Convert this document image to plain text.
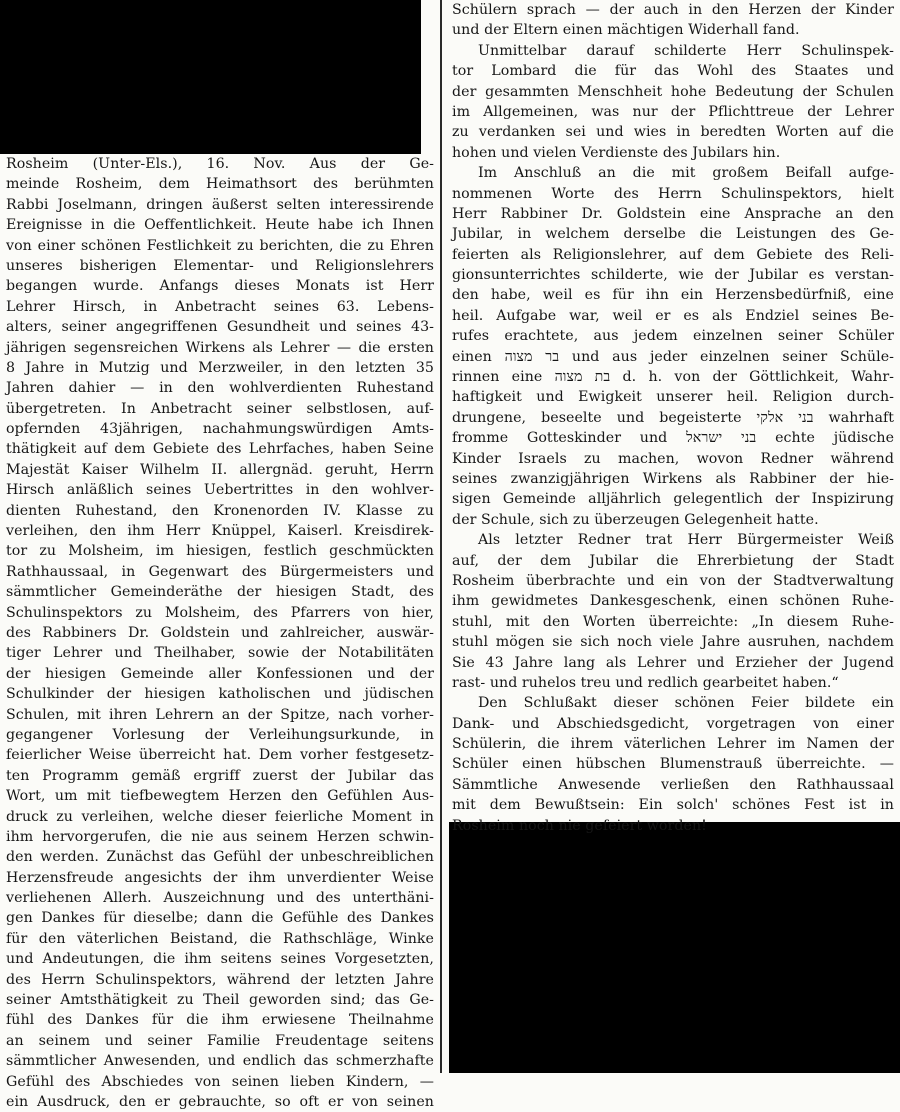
Rosheim (Unter-Els.), 16. Nov. Aus der Ge-
meinde Rosheim, dem Heimathsort des berühmten
Rabbi Joselmann, dringen äußerst selten interessirende
Ereignisse in die Oeffentlichkeit. Heute habe ich Ihnen
von einer schönen Festlichkeit zu berichten, die zu Ehren
unseres bisherigen Elementar- und Religionslehrers
begangen wurde. Anfangs dieses Monats ist Herr
Lehrer Hirsch, in Anbetracht seines 63. Lebens-
alters, seiner angegriffenen Gesundheit und seines 43-
jährigen segensreichen Wirkens als Lehrer — die ersten
8 Jahre in Mutzig und Merzweiler, in den letzten 35
Jahren dahier — in den wohlverdienten Ruhestand
übergetreten. In Anbetracht seiner selbstlosen, auf-
opfernden 43jährigen, nachahmungswürdigen Amts-
thätigkeit auf dem Gebiete des Lehrfaches, haben Seine
Majestät Kaiser Wilhelm II. allergnäd. geruht, Herrn
Hirsch anläßlich seines Uebertrittes in den wohlver-
dienten Ruhestand, den Kronenorden IV. Klasse zu
verleihen, den ihm Herr Knüppel, Kaiserl. Kreisdirek-
tor zu Molsheim, im hiesigen, festlich geschmückten
Rathhaussaal, in Gegenwart des Bürgermeisters und
sämmtlicher Gemeinderäthe der hiesigen Stadt, des
Schulinspektors zu Molsheim, des Pfarrers von hier,
des Rabbiners Dr. Goldstein und zahlreicher, auswär-
tiger Lehrer und Theilhaber, sowie der Notabilitäten
der hiesigen Gemeinde aller Konfessionen und der
Schulkinder der hiesigen katholischen und jüdischen
Schulen, mit ihren Lehrern an der Spitze, nach vorher-
gegangener Vorlesung der Verleihungsurkunde, in
feierlicher Weise überreicht hat. Dem vorher festgesetz-
ten Programm gemäß ergriff zuerst der Jubilar das
Wort, um mit tiefbewegtem Herzen den Gefühlen Aus-
druck zu verleihen, welche dieser feierliche Moment in
ihm hervorgerufen, die nie aus seinem Herzen schwin-
den werden. Zunächst das Gefühl der unbeschreiblichen
Herzensfreude angesichts der ihm unverdienter Weise
verliehenen Allerh. Auszeichnung und des unterthäni-
gen Dankes für dieselbe; dann die Gefühle des Dankes
für den väterlichen Beistand, die Rathschläge, Winke
und Andeutungen, die ihm seitens seines Vorgesetzten,
des Herrn Schulinspektors, während der letzten Jahre
seiner Amtsthätigkeit zu Theil geworden sind; das Ge-
fühl des Dankes für die ihm erwiesene Theilnahme
an seinem und seiner Familie Freudentage seitens
sämmtlicher Anwesenden, und endlich das schmerzhafte
Gefühl des Abschiedes von seinen lieben Kindern, —
ein Ausdruck, den er gebrauchte, so oft er von seinen
Schülern sprach — der auch in den Herzen der Kinder
und der Eltern einen mächtigen Widerhall fand.
Unmittelbar darauf schilderte Herr Schulinspek-
tor Lombard die für das Wohl des Staates und
der gesammten Menschheit hohe Bedeutung der Schulen
im Allgemeinen, was nur der Pflichttreue der Lehrer
zu verdanken sei und wies in beredten Worten auf die
hohen und vielen Verdienste des Jubilars hin.
Im Anschluß an die mit großem Beifall aufge-
nommenen Worte des Herrn Schulinspektors, hielt
Herr Rabbiner Dr. Goldstein eine Ansprache an den
Jubilar, in welchem derselbe die Leistungen des Ge-
feierten als Religionslehrer, auf dem Gebiete des Reli-
gionsunterrichtes schilderte, wie der Jubilar es verstan-
den habe, weil es für ihn ein Herzensbedürfniß, eine
heil. Aufgabe war, weil er es als Endziel seines Be-
rufes erachtete, aus jedem einzelnen seiner Schüler
einen בר מצוה und aus jeder einzelnen seiner Schüle-
rinnen eine בת מצוה d. h. von der Göttlichkeit, Wahr-
haftigkeit und Ewigkeit unserer heil. Religion durch-
drungene, beseelte und begeisterte בני אלקי wahrhaft
fromme Gotteskinder und בני ישראל echte jüdische
Kinder Israels zu machen, wovon Redner während
seines zwanzigjährigen Wirkens als Rabbiner der hie-
sigen Gemeinde alljährlich gelegentlich der Inspizirung
der Schule, sich zu überzeugen Gelegenheit hatte.
Als letzter Redner trat Herr Bürgermeister Weiß
auf, der dem Jubilar die Ehrerbietung der Stadt
Rosheim überbrachte und ein von der Stadtverwaltung
ihm gewidmetes Dankesgeschenk, einen schönen Ruhe-
stuhl, mit den Worten überreichte: „In diesem Ruhe-
stuhl mögen sie sich noch viele Jahre ausruhen, nachdem
Sie 43 Jahre lang als Lehrer und Erzieher der Jugend
rast- und ruhelos treu und redlich gearbeitet haben.“
Den Schlußakt dieser schönen Feier bildete ein
Dank- und Abschiedsgedicht, vorgetragen von einer
Schülerin, die ihrem väterlichen Lehrer im Namen der
Schüler einen hübschen Blumenstrauß überreichte. —
Sämmtliche Anwesende verließen den Rathhaussaal
mit dem Bewußtsein: Ein solch' schönes Fest ist in
Rosheim noch nie gefeiert worden!
